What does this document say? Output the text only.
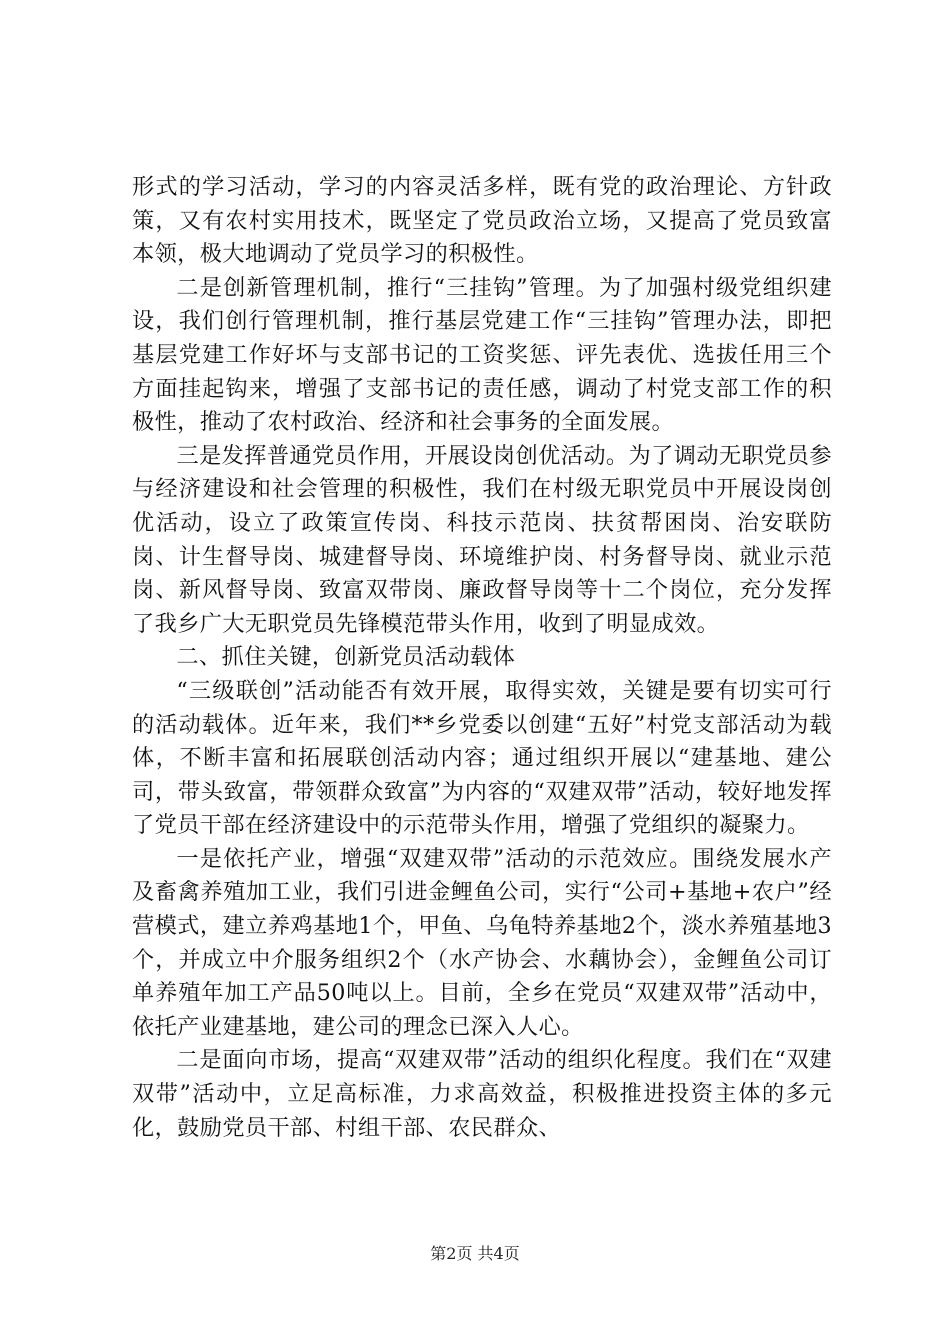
形式的学习活动，学习的内容灵活多样，既有党的政治理论、方针政策，又有农村实用技术，既坚定了党员政治立场，又提高了党员致富本领，极大地调动了党员学习的积极性。

二是创新管理机制，推行“三挂钩”管理。为了加强村级党组织建设，我们创行管理机制，推行基层党建工作“三挂钩”管理办法，即把基层党建工作好坏与支部书记的工资奖惩、评先表优、选拔任用三个方面挂起钩来，增强了支部书记的责任感，调动了村党支部工作的积极性，推动了农村政治、经济和社会事务的全面发展。

三是发挥普通党员作用，开展设岗创优活动。为了调动无职党员参与经济建设和社会管理的积极性，我们在村级无职党员中开展设岗创优活动，设立了政策宣传岗、科技示范岗、扶贫帮困岗、治安联防岗、计生督导岗、城建督导岗、环境维护岗、村务督导岗、就业示范岗、新风督导岗、致富双带岗、廉政督导岗等十二个岗位，充分发挥了我乡广大无职党员先锋模范带头作用，收到了明显成效。

二、抓住关键，创新党员活动载体

“三级联创”活动能否有效开展，取得实效，关键是要有切实可行的活动载体。近年来，我们**乡党委以创建“五好”村党支部活动为载体，不断丰富和拓展联创活动内容；通过组织开展以“建基地、建公司，带头致富，带领群众致富”为内容的“双建双带”活动，较好地发挥了党员干部在经济建设中的示范带头作用，增强了党组织的凝聚力。

一是依托产业，增强“双建双带”活动的示范效应。围绕发展水产及畜禽养殖加工业，我们引进金鲤鱼公司，实行“公司+基地+农户”经营模式，建立养鸡基地1个，甲鱼、乌龟特养基地2个，淡水养殖基地3个，并成立中介服务组织2个（水产协会、水藕协会），金鲤鱼公司订单养殖年加工产品50吨以上。目前，全乡在党员“双建双带”活动中，依托产业建基地，建公司的理念已深入人心。

二是面向市场，提高“双建双带”活动的组织化程度。我们在“双建双带”活动中，立足高标准，力求高效益，积极推进投资主体的多元化，鼓励党员干部、村组干部、农民群众、

第2页 共4页
